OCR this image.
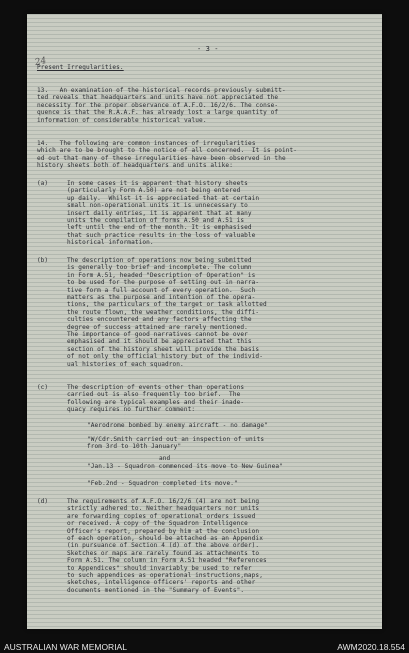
- 3 -
24
Present Irregularities.
13.   An examination of the historical records previously submitt-
ted reveals that headquarters and units have not appreciated the
necessity for the proper observance of A.F.O. 16/2/6. The conse-
quence is that the R.A.A.F. has already lost a large quantity of
information of considerable historical value.
14.   The following are common instances of irregularities
which are to be brought to the notice of all concerned.  It is point-
ed out that many of these irregularities have been observed in the
history sheets both of headquarters and units alike:
(a)	In some cases it is apparent that history sheets
(particularly Form A.50) are not being entered
up daily.  Whilst it is appreciated that at certain
small non-operational units it is unnecessary to
insert daily entries, it is apparent that at many
units the compilation of forms A.50 and A.51 is
left until the end of the month. It is emphasised
that such practice results in the loss of valuable
historical information.
(b)	The description of operations now being submitted
is generally too brief and incomplete. The column
in Form A.51, headed "Description of Operation" is
to be used for the purpose of setting out in narra-
tive form a full account of every operation.  Such
matters as the purpose and intention of the opera-
tions, the particulars of the target or task allotted
the route flown, the weather conditions, the diffi-
culties encountered and any factors affecting the
degree of success attained are rarely mentioned.
The importance of good narratives cannot be over
emphasised and it should be appreciated that this
section of the history sheet will provide the basis
of not only the official history but of the individ-
ual histories of each squadron.
(c)	The description of events other than operations
carried out is also frequently too brief.  The
following are typical examples and their inade-
quacy requires no further comment:
"Aerodrome bombed by enemy aircraft - no damage"
"W/Cdr.Smith carried out an inspection of units
from 3rd to 10th January"
and
"Jan.13 - Squadron commenced its move to New Guinea"
"Feb.2nd - Squadron completed its move."
(d)	The requirements of A.F.O. 16/2/6 (4) are not being
strictly adhered to. Neither headquarters nor units
are forwarding copies of operational orders issued
or received. A copy of the Squadron Intelligence
Officer's report, prepared by him at the conclusion
of each operation, should be attached as an Appendix
(in pursuance of Section 4 (d) of the above order).
Sketches or maps are rarely found as attachments to
Form A.51. The column in Form A.51 headed "References
to Appendices" should invariably be used to refer
to such appendices as operational instructions,maps,
sketches, intelligence officers' reports and other
documents mentioned in the "Summary of Events".
AUSTRALIAN WAR MEMORIAL	AWM2020.18.554
